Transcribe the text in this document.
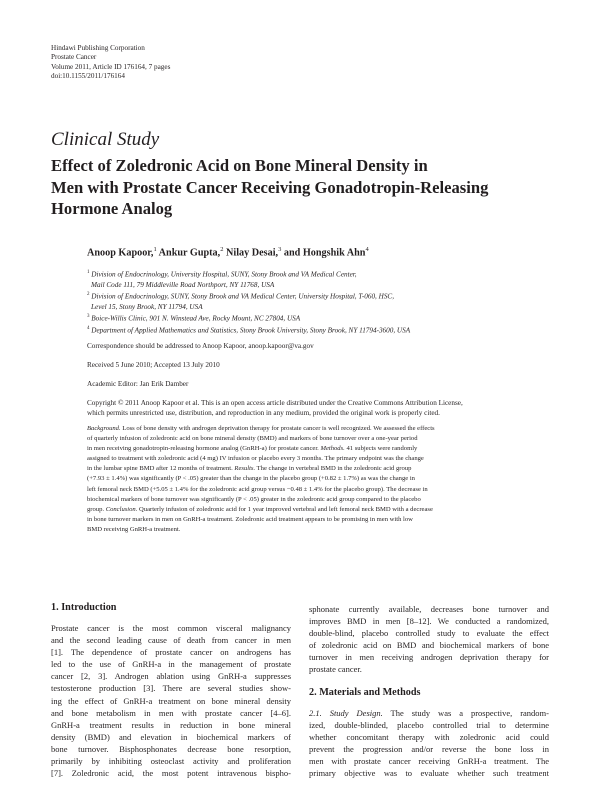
Hindawi Publishing Corporation
Prostate Cancer
Volume 2011, Article ID 176164, 7 pages
doi:10.1155/2011/176164
Clinical Study
Effect of Zoledronic Acid on Bone Mineral Density in
Men with Prostate Cancer Receiving Gonadotropin-Releasing
Hormone Analog
Anoop Kapoor,$^1$ Ankur Gupta,$^2$ Nilay Desai,$^3$ and Hongshik Ahn$^4$
$^1$ Division of Endocrinology, University Hospital, SUNY, Stony Brook and VA Medical Center,
Mail Code 111, 79 Middleville Road Northport, NY 11768, USA
$^2$ Division of Endocrinology, SUNY, Stony Brook and VA Medical Center, University Hospital, T-060, HSC,
Level 15, Stony Brook, NY 11794, USA
$^3$ Boice-Willis Clinic, 901 N. Winstead Ave, Rocky Mount, NC 27804, USA
$^4$ Department of Applied Mathematics and Statistics, Stony Brook University, Stony Brook, NY 11794-3600, USA
Correspondence should be addressed to Anoop Kapoor, anoop.kapoor@va.gov
Received 5 June 2010; Accepted 13 July 2010
Academic Editor: Jan Erik Damber
Copyright © 2011 Anoop Kapoor et al. This is an open access article distributed under the Creative Commons Attribution License,
which permits unrestricted use, distribution, and reproduction in any medium, provided the original work is properly cited.
Background. Loss of bone density with androgen deprivation therapy for prostate cancer is well recognized. We assessed the effects
of quarterly infusion of zoledronic acid on bone mineral density (BMD) and markers of bone turnover over a one-year period
in men receiving gonadotropin-releasing hormone analog (GnRH-a) for prostate cancer. Methods. 41 subjects were randomly
assigned to treatment with zoledronic acid (4 mg) IV infusion or placebo every 3 months. The primary endpoint was the change
in the lumbar spine BMD after 12 months of treatment. Results. The change in vertebral BMD in the zoledronic acid group
(+7.93 ± 1.4%) was significantly (P < .05) greater than the change in the placebo group (+0.82 ± 1.7%) as was the change in
left femoral neck BMD (+5.05 ± 1.4% for the zoledronic acid group versus −0.48 ± 1.4% for the placebo group). The decrease in
biochemical markers of bone turnover was significantly (P < .05) greater in the zoledronic acid group compared to the placebo
group. Conclusion. Quarterly infusion of zoledronic acid for 1 year improved vertebral and left femoral neck BMD with a decrease
in bone turnover markers in men on GnRH-a treatment. Zoledronic acid treatment appears to be promising in men with low
BMD receiving GnRH-a treatment.
1. Introduction
Prostate cancer is the most common visceral malignancy
and the second leading cause of death from cancer in men
[1]. The dependence of prostate cancer on androgens has
led to the use of GnRH-a in the management of prostate
cancer [2, 3]. Androgen ablation using GnRH-a suppresses
testosterone production [3]. There are several studies show-
ing the effect of GnRH-a treatment on bone mineral density
and bone metabolism in men with prostate cancer [4–6].
GnRH-a treatment results in reduction in bone mineral
density (BMD) and elevation in biochemical markers of
bone turnover. Bisphosphonates decrease bone resorption,
primarily by inhibiting osteoclast activity and proliferation
[7]. Zoledronic acid, the most potent intravenous bispho-
sphonate currently available, decreases bone turnover and
improves BMD in men [8–12]. We conducted a randomized,
double-blind, placebo controlled study to evaluate the effect
of zoledronic acid on BMD and biochemical markers of bone
turnover in men receiving androgen deprivation therapy for
prostate cancer.
2. Materials and Methods
2.1. Study Design. The study was a prospective, random-
ized, double-blinded, placebo controlled trial to determine
whether concomitant therapy with zoledronic acid could
prevent the progression and/or reverse the bone loss in
men with prostate cancer receiving GnRH-a treatment. The
primary objective was to evaluate whether such treatment
